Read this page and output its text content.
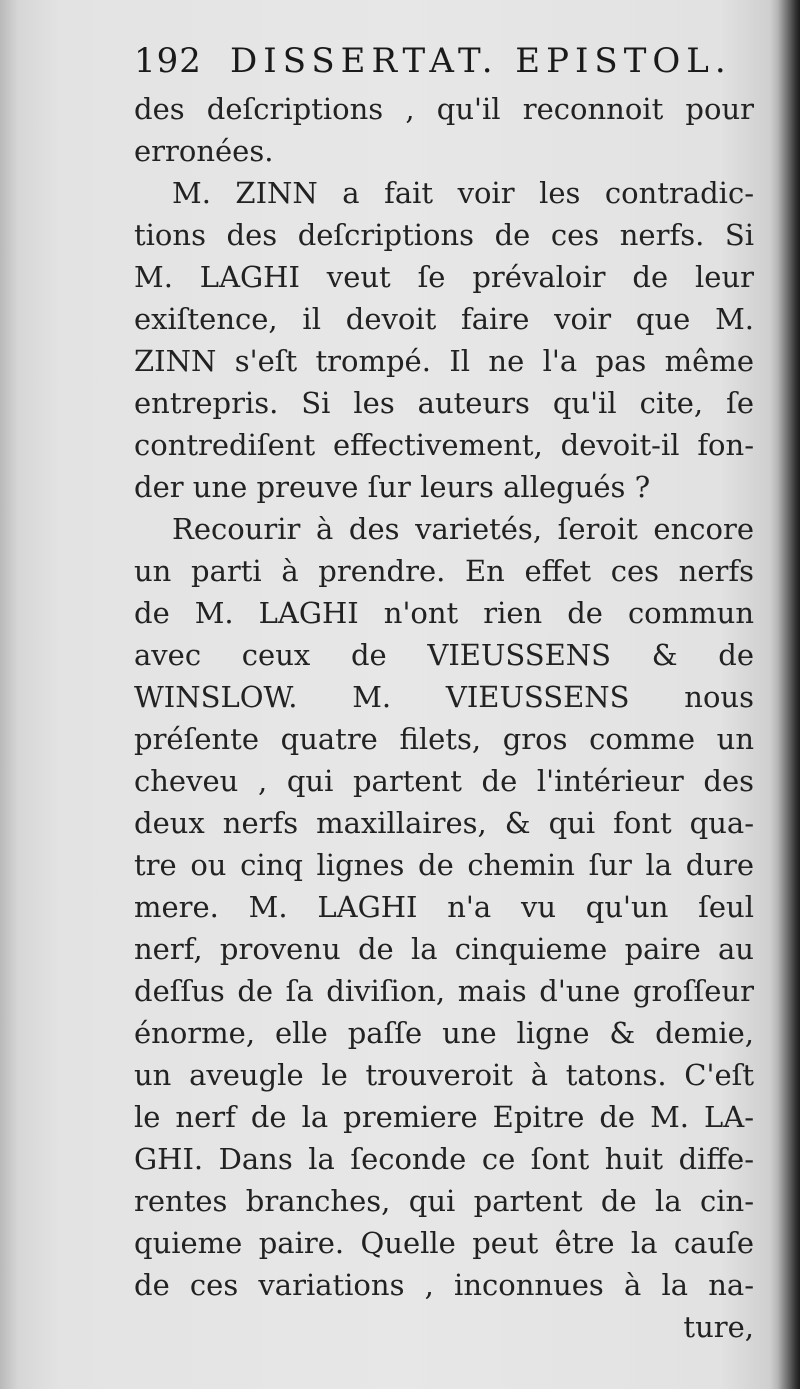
192 DISSERTAT. EPISTOL.
des deſcriptions , qu'il reconnoit pour
erronées.
M. ZINN a fait voir les contradic-
tions des deſcriptions de ces nerfs. Si
M. LAGHI veut ſe prévaloir de leur
exiſtence, il devoit faire voir que M.
ZINN s'eſt trompé. Il ne l'a pas même
entrepris. Si les auteurs qu'il cite, ſe
contrediſent effectivement, devoit-il fon-
der une preuve ſur leurs allegués ?
Recourir à des varietés, ſeroit encore
un parti à prendre. En effet ces nerfs
de M. LAGHI n'ont rien de commun
avec ceux de VIEUSSENS & de
WINSLOW. M. VIEUSSENS nous
préſente quatre filets, gros comme un
cheveu , qui partent de l'intérieur des
deux nerfs maxillaires, & qui font qua-
tre ou cinq lignes de chemin ſur la dure
mere. M. LAGHI n'a vu qu'un ſeul
nerf, provenu de la cinquieme paire au
deſſus de ſa diviſion, mais d'une groſſeur
énorme, elle paſſe une ligne & demie,
un aveugle le trouveroit à tatons. C'eſt
le nerf de la premiere Epitre de M. LA-
GHI. Dans la ſeconde ce ſont huit diffe-
rentes branches, qui partent de la cin-
quieme paire. Quelle peut être la cauſe
de ces variations , inconnues à la na-
ture,
